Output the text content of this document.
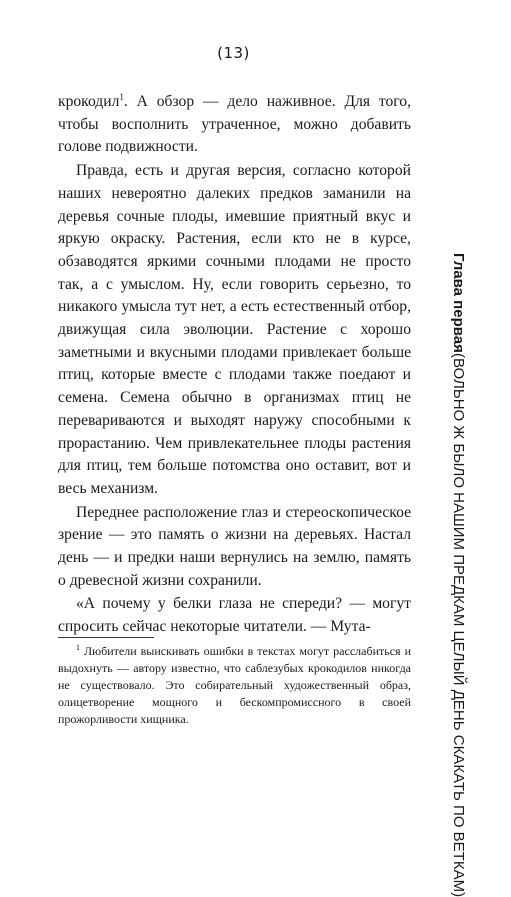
(13)

крокодил$^1$. А обзор — дело наживное. Для того, чтобы восполнить утраченное, можно добавить голове подвижности.

Правда, есть и другая версия, согласно которой наших невероятно далеких предков заманили на деревья сочные плоды, имевшие приятный вкус и яркую окраску. Растения, если кто не в курсе, обзаводятся яркими сочными плодами не просто так, а с умыслом. Ну, если говорить серьезно, то никакого умысла тут нет, а есть естественный отбор, движущая сила эволюции. Растение с хорошо заметными и вкусными плодами привлекает больше птиц, которые вместе с плодами также поедают и семена. Семена обычно в организмах птиц не перевариваются и выходят наружу способными к прорастанию. Чем привлекательнее плоды растения для птиц, тем больше потомства оно оставит, вот и весь механизм.

Переднее расположение глаз и стереоскопическое зрение — это память о жизни на деревьях. Настал день — и предки наши вернулись на землю, память о древесной жизни сохранили.

«А почему у белки глаза не спереди? — могут спросить сейчас некоторые читатели. — Мута-

$^1$ Любители выискивать ошибки в текстах могут расслабиться и выдохнуть — автору известно, что саблезубых крокодилов никогда не существовало. Это собирательный художественный образ, олицетворение мощного и бескомпромиссного в своей прожорливости хищника.
Глава первая
(ВОЛЬНО Ж БЫЛО НАШИМ ПРЕДКАМ ЦЕЛЫЙ ДЕНЬ СКАКАТЬ ПО ВЕТКАМ)
